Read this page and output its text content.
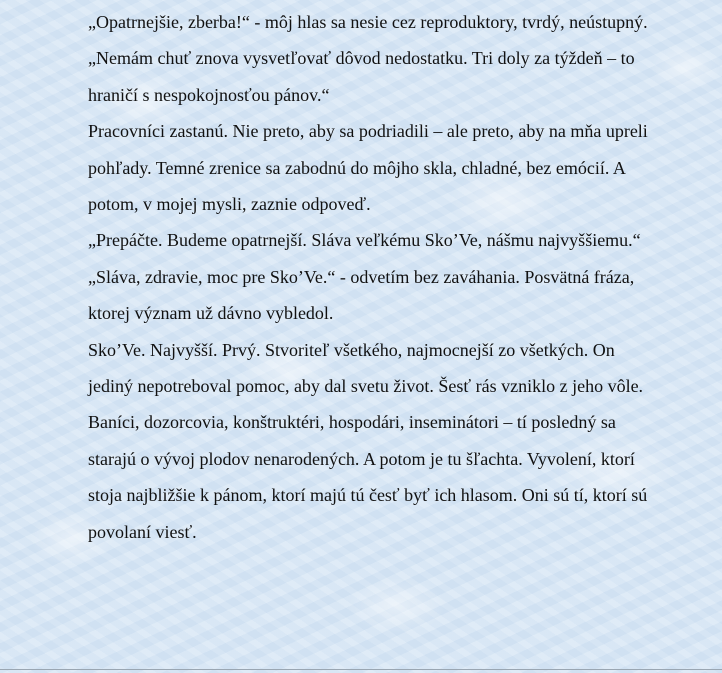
„Opatrnejšie, zberba!“ - môj hlas sa nesie cez reproduktory, tvrdý, neústupný.

„Nemám chuť znova vysvetľovať dôvod nedostatku. Tri doly za týždeň – to hraničí s nespokojnosťou pánov.“

Pracovníci zastanú. Nie preto, aby sa podriadili – ale preto, aby na mňa upreli pohľady. Temné zrenice sa zabodnú do môjho skla, chladné, bez emócií. A potom, v mojej mysli, zaznie odpoveď.

„Prepáčte. Budeme opatrnejší. Sláva veľkému Sko’Ve, nášmu najvyššiemu.“

„Sláva, zdravie, moc pre Sko’Ve.“ - odvetím bez zaváhania. Posvätná fráza, ktorej význam už dávno vybledol.

Sko’Ve. Najvyšší. Prvý. Stvoriteľ všetkého, najmocnejší zo všetkých. On jediný nepotreboval pomoc, aby dal svetu život. Šesť rás vzniklo z jeho vôle. Baníci, dozorcovia, konštruktéri, hospodári, inseminátori – tí posledný sa starajú o vývoj plodov nenarodených. A potom je tu šľachta. Vyvolení, ktorí stoja najbližšie k pánom, ktorí majú tú česť byť ich hlasom. Oni sú tí, ktorí sú povolaní viesť.
